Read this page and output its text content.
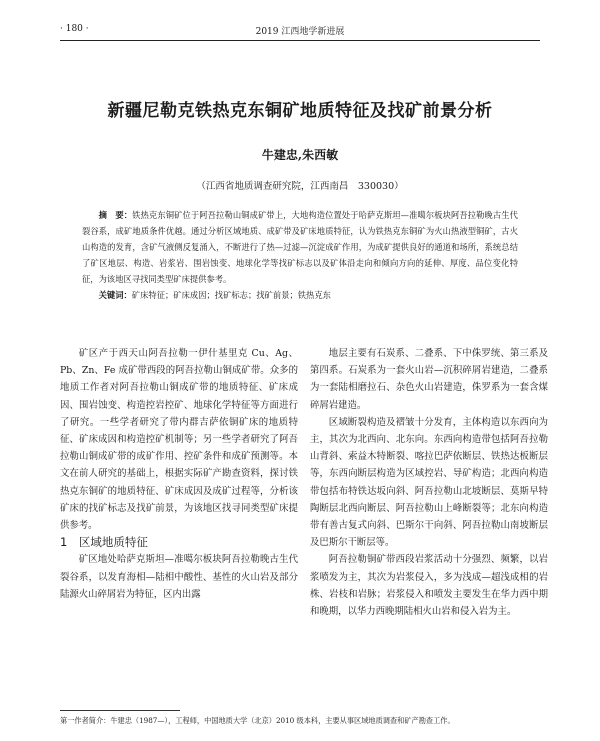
· 180 ·	2019 江西地学新进展
新疆尼勒克铁热克东铜矿地质特征及找矿前景分析
牛建忠,朱西敏
（江西省地质调查研究院，江西南昌　330030）
摘　要：铁热克东铜矿位于阿吾拉勒山铜成矿带上，大地构造位置处于哈萨克斯坦—准噶尔板块阿吾拉勒晚古生代裂谷系，成矿地质条件优越。通过分析区域地质、成矿带及矿床地质特征，认为铁热克东铜矿为火山热液型铜矿，古火山构造的发育，含矿气液侧反复涌入，不断进行了热—过滤—沉淀成矿作用，为成矿提供良好的通道和场所，系统总结了矿区地层、构造、岩浆岩、围岩蚀变、地球化学等找矿标志以及矿体沿走向和倾向方向的延伸、厚度、品位变化特征，为该地区寻找同类型矿床提供参考。
关键词：矿床特征；矿床成因；找矿标志；找矿前景；铁热克东

矿区产于西天山阿吾拉勒一伊什基里克 Cu、Ag、Pb、Zn、Fe 成矿带西段的阿吾拉勒山铜成矿带。众多的地质工作者对阿吾拉勒山铜成矿带的地质特征、矿床成因、围岩蚀变、构造控岩控矿、地球化学特征等方面进行了研究。一些学者研究了带内群吉萨依铜矿床的地质特征、矿床成因和构造控矿机制等；另一些学者研究了阿吾拉勒山铜成矿带的成矿作用、控矿条件和成矿预测等。本文在前人研究的基础上，根据实际矿产勘查资料，探讨铁热克东铜矿的地质特征、矿床成因及成矿过程等，分析该矿床的找矿标志及找矿前景，为该地区找寻同类型矿床提供参考。

1　区域地质特征

矿区地处哈萨克斯坦—准噶尔板块阿吾拉勒晚古生代裂谷系，以发育海相—陆相中酸性、基性的火山岩及部分陆源火山碎屑岩为特征，区内出露

地层主要有石炭系、二叠系、下中侏罗统、第三系及第四系。石炭系为一套火山岩—沉积碎屑岩建造，二叠系为一套陆相磨拉石、杂色火山岩建造，侏罗系为一套含煤碎屑岩建造。

区域断裂构造及褶皱十分发育，主体构造以东西向为主，其次为北西向、北东向。东西向构造带包括阿吾拉勒山背斜、索益木特断裂、喀拉巴萨依断层、铁热达板断层等，东西向断层构造为区域控岩、导矿构造；北西向构造带包括布特铁达坂向斜、阿吾拉勒山北坡断层、莫斯早特陶断层北西向断层、阿吾拉勒山上峰断裂等；北东向构造带有善古复式向斜、巴斯尔干向斜、阿吾拉勒山南坡断层及巴斯尔干断层等。

阿吾拉勒铜矿带西段岩浆活动十分强烈、频繁，以岩浆喷发为主，其次为岩浆侵入，多为浅成—超浅成相的岩株、岩枝和岩脉；岩浆侵入和喷发主要发生在华力西中期和晚期，以华力西晚期陆相火山岩和侵入岩为主。

第一作者简介：牛建忠（1987—），工程师，中国地质大学（北京）2010 级本科，主要从事区域地质调查和矿产勘查工作。
